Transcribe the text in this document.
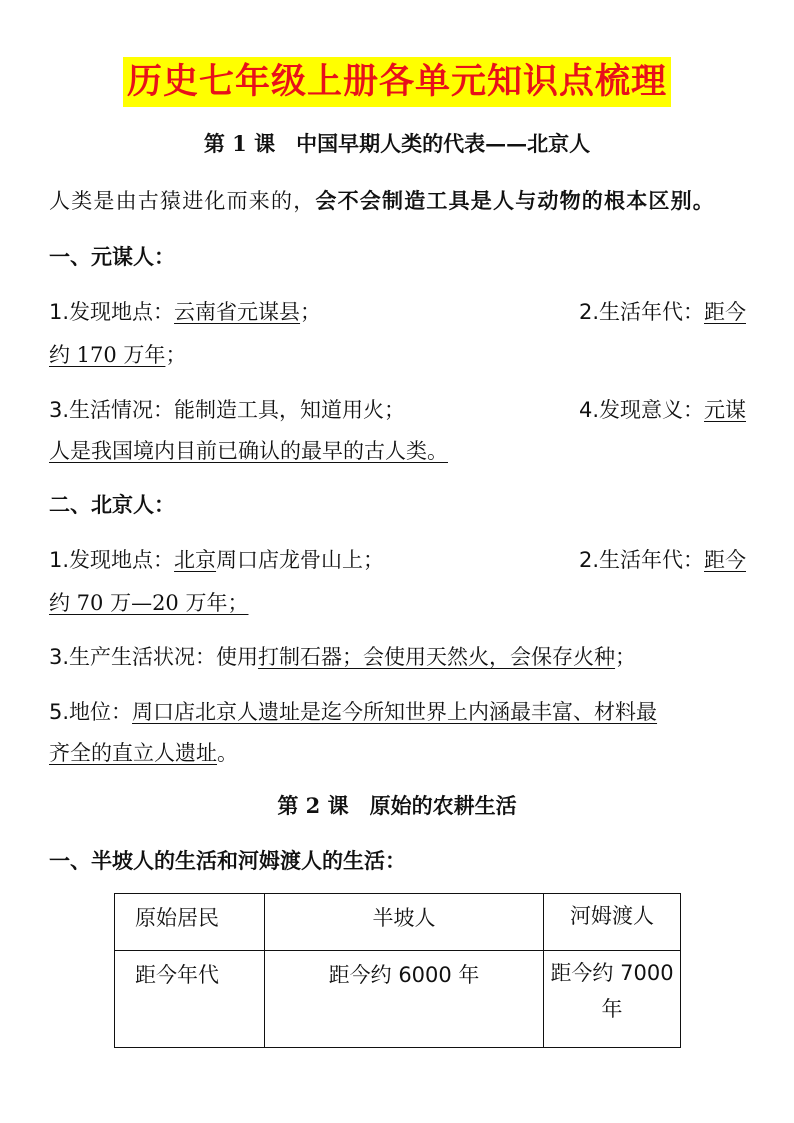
历史七年级上册各单元知识点梳理
第 1 课　中国早期人类的代表——北京人
人类是由古猿进化而来的，会不会制造工具是人与动物的根本区别。
一、元谋人：
1.发现地点：云南省元谋县；	2.生活年代：距今
约 170 万年；
3.生活情况：能制造工具，知道用火；	4.发现意义：元谋
人是我国境内目前已确认的最早的古人类。
二、北京人：
1.发现地点：北京周口店龙骨山上；	2.生活年代：距今
约 70 万—20 万年；
3.生产生活状况：使用打制石器；会使用天然火，会保存火种；
5.地位：周口店北京人遗址是迄今所知世界上内涵最丰富、材料最
齐全的直立人遗址。
第 2 课　原始的农耕生活
一、半坡人的生活和河姆渡人的生活：
原始居民	半坡人	河姆渡人
距今年代	距今约 6000 年	距今约 7000 年
